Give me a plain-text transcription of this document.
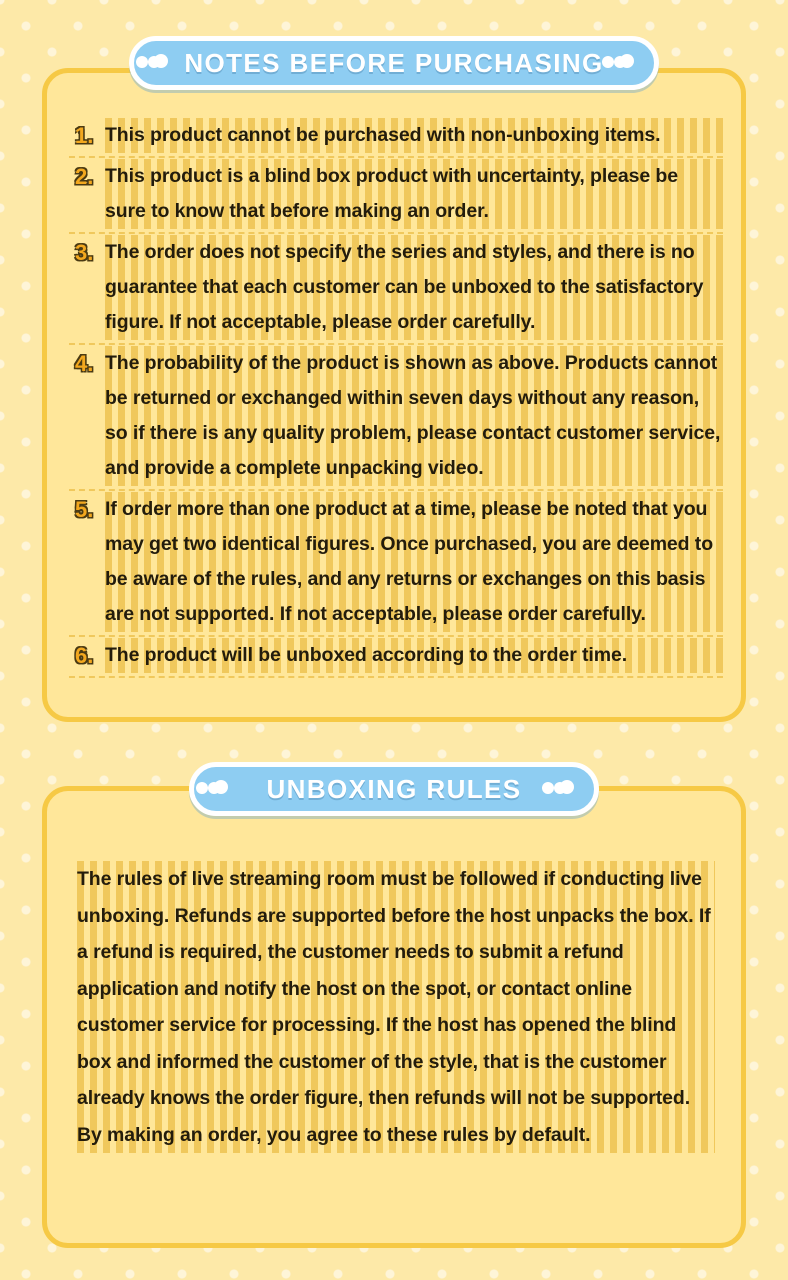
1. This product cannot be purchased with non-unboxing items.
2. This product is a blind box product with uncertainty, please be sure to know that before making an order.
3. The order does not specify the series and styles, and there is no guarantee that each customer can be unboxed to the satisfactory figure. If not acceptable, please order carefully.
4. The probability of the product is shown as above. Products cannot be returned or exchanged within seven days without any reason, so if there is any quality problem, please contact customer service, and provide a complete unpacking video.
5. If order more than one product at a time, please be noted that you may get two identical figures. Once purchased, you are deemed to be aware of the rules, and any returns or exchanges on this basis are not supported. If not acceptable, please order carefully.
6. The product will be unboxed according to the order time.
NOTES BEFORE PURCHASING
The rules of live streaming room must be followed if conducting live unboxing. Refunds are supported before the host unpacks the box. If a refund is required, the customer needs to submit a refund application and notify the host on the spot, or contact online customer service for processing. If the host has opened the blind box and informed the customer of the style, that is the customer already knows the order figure, then refunds will not be supported. By making an order, you agree to these rules by default.
UNBOXING RULES
